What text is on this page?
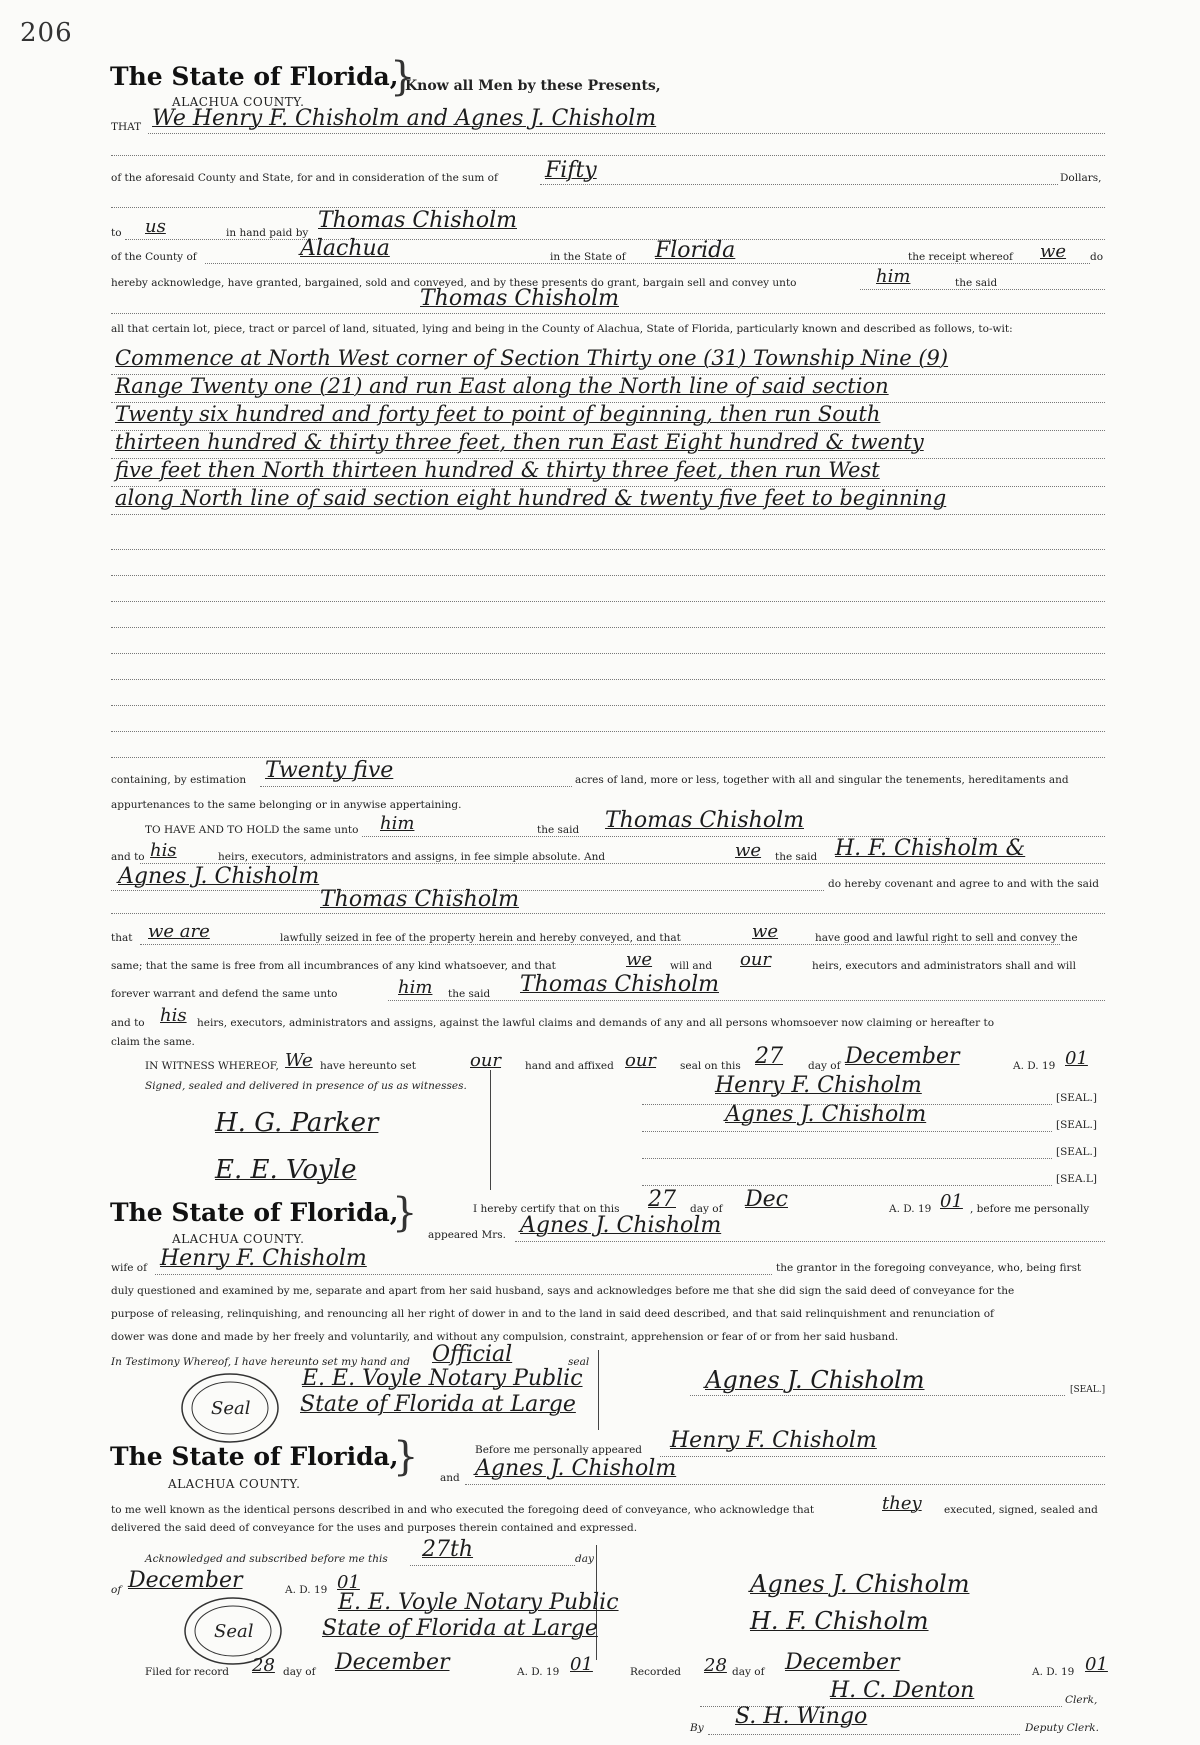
206
The State of Florida,
}
Know all Men by these Presents,
ALACHUA COUNTY.
THAT We Henry F. Chisholm and Agnes J. Chisholm
of the aforesaid County and State, for and in consideration of the sum of Fifty	Dollars,
to us	in hand paid by Thomas Chisholm
of the County of	Alachua	in the State of Florida	the receipt whereof we do
hereby acknowledge, have granted, bargained, sold and conveyed, and by these presents do grant, bargain sell and convey unto	him	the said
Thomas Chisholm
all that certain lot, piece, tract or parcel of land, situated, lying and being in the County of Alachua, State of Florida, particularly known and described as follows, to-wit:
Commence at North West corner of Section Thirty one (31) Township Nine (9)
Range Twenty one (21) and run East along the North line of said section
Twenty six hundred and forty feet to point of beginning, then run South
thirteen hundred & thirty three feet, then run East Eight hundred & twenty
five feet then North thirteen hundred & thirty three feet, then run West
along North line of said section eight hundred & twenty five feet to beginning
containing, by estimation Twenty five	acres of land, more or less, together with all and singular the tenements, hereditaments and
appurtenances to the same belonging or in anywise appertaining.
TO HAVE AND TO HOLD the same unto him	the said Thomas Chisholm
and to his	heirs, executors, administrators and assigns, in fee simple absolute. And	we the said H. F. Chisholm &
Agnes J. Chisholm	do hereby covenant and agree to and with the said
Thomas Chisholm
that we are	lawfully seized in fee of the property herein and hereby conveyed, and that	we	have good and lawful right to sell and convey the
same; that the same is free from all incumbrances of any kind whatsoever, and that	we will and our	heirs, executors and administrators shall and will
forever warrant and defend the same unto	him the said Thomas Chisholm
and to his heirs, executors, administrators and assigns, against the lawful claims and demands of any and all persons whomsoever now claiming or hereafter to
claim the same.
IN WITNESS WHEREOF, We have hereunto set	our hand and affixed our seal on this 27 day of December	A. D. 19 01
Signed, sealed and delivered in presence of us as witnesses.
H. G. Parker
E. E. Voyle
Henry F. Chisholm
Agnes J. Chisholm
[SEAL.]
[SEAL.]
[SEAL.]
[SEA.L]
The State of Florida,
}
ALACHUA COUNTY.
I hereby certify that on this 27 day of Dec	A. D. 19 01 , before me personally
appeared Mrs. Agnes J. Chisholm
wife of Henry F. Chisholm	the grantor in the foregoing conveyance, who, being first
duly questioned and examined by me, separate and apart from her said husband, says and acknowledges before me that she did sign the said deed of conveyance for the
purpose of releasing, relinquishing, and renouncing all her right of dower in and to the land in said deed described, and that said relinquishment and renunciation of
dower was done and made by her freely and voluntarily, and without any compulsion, constraint, apprehension or fear of or from her said husband.
In Testimony Whereof, I have hereunto set my hand and Official	seal
Seal
E. E. Voyle Notary Public
State of Florida at Large
Agnes J. Chisholm	[SEAL.]
The State of Florida,
}
ALACHUA COUNTY.
Before me personally appeared Henry F. Chisholm
and Agnes J. Chisholm
to me well known as the identical persons described in and who executed the foregoing deed of conveyance, who acknowledge that	they executed, signed, sealed and
delivered the said deed of conveyance for the uses and purposes therein contained and expressed.
Acknowledged and subscribed before me this 27th	day
of December	A. D. 19 01
Seal
E. E. Voyle Notary Public
State of Florida at Large
Agnes J. Chisholm
H. F. Chisholm
Filed for record 28 day of December	A. D. 19 01	Recorded 28 day of December	A. D. 19 01
H. C. Denton	Clerk,
By S. H. Wingo	Deputy Clerk.
